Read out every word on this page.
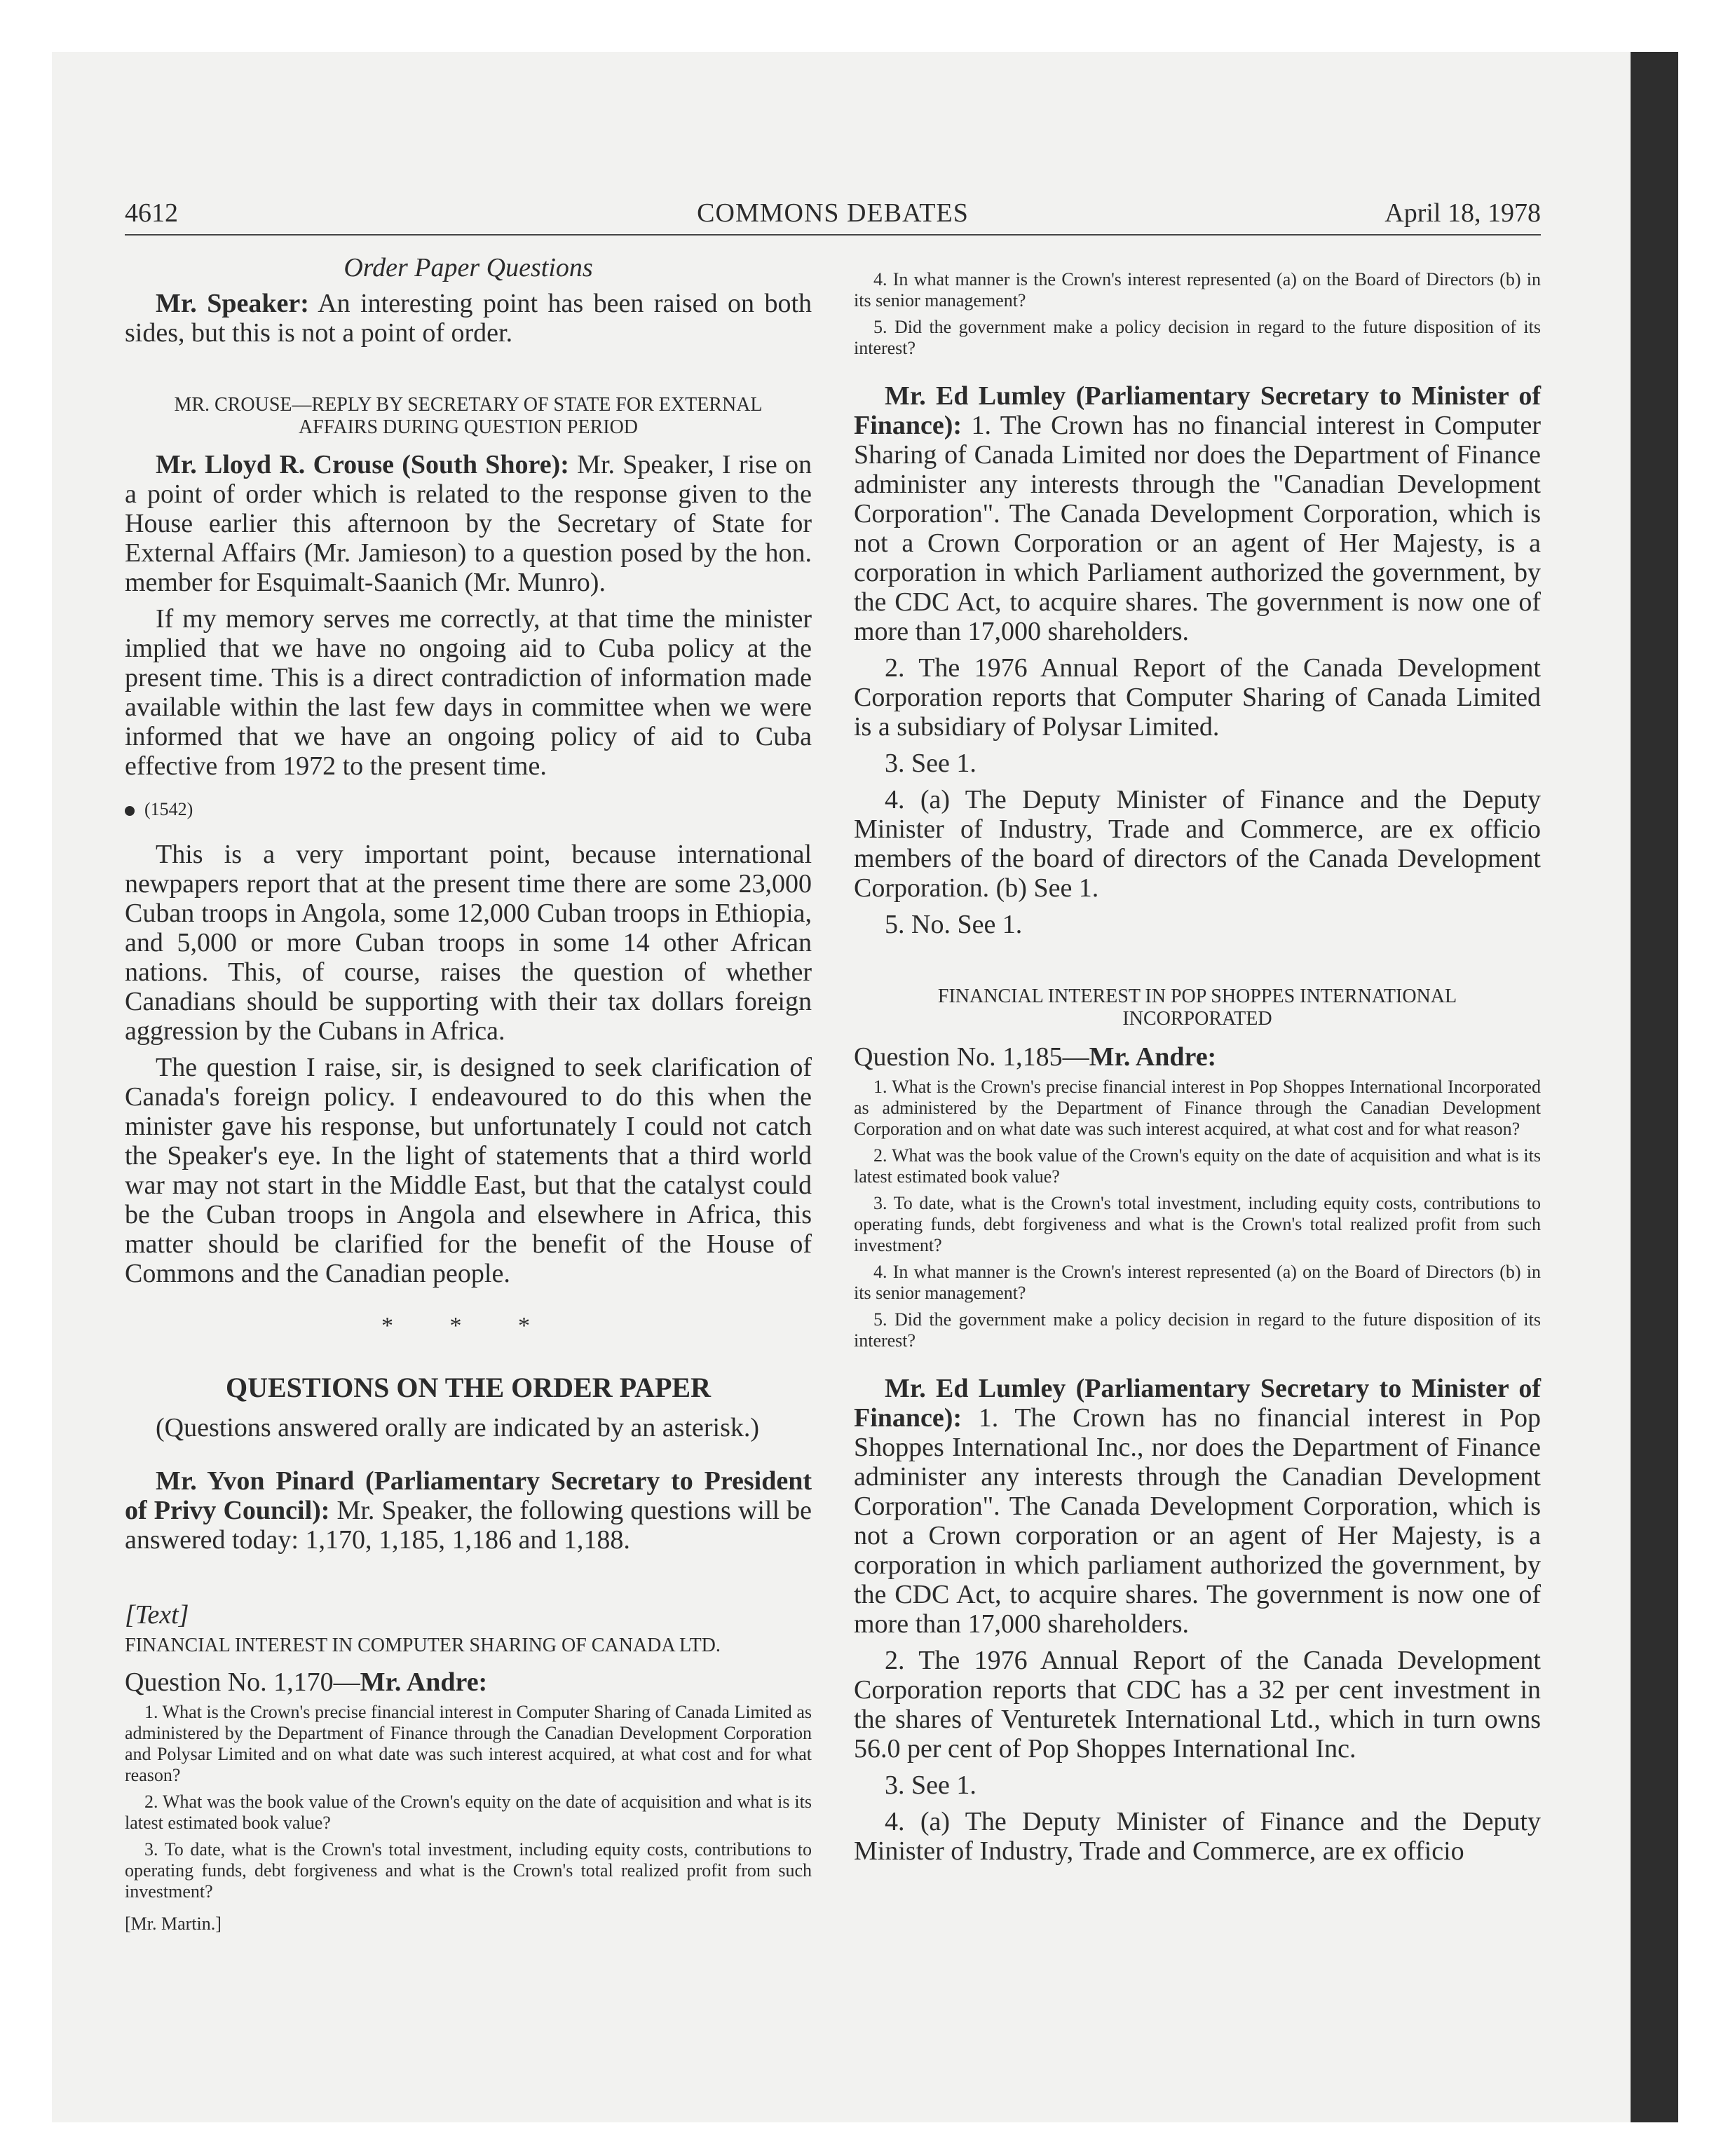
4612	COMMONS DEBATES	April 18, 1978

Order Paper Questions

Mr. Speaker: An interesting point has been raised on both sides, but this is not a point of order.

MR. CROUSE—REPLY BY SECRETARY OF STATE FOR EXTERNAL AFFAIRS DURING QUESTION PERIOD

Mr. Lloyd R. Crouse (South Shore): Mr. Speaker, I rise on a point of order which is related to the response given to the House earlier this afternoon by the Secretary of State for External Affairs (Mr. Jamieson) to a question posed by the hon. member for Esquimalt-Saanich (Mr. Munro).

If my memory serves me correctly, at that time the minister implied that we have no ongoing aid to Cuba policy at the present time. This is a direct contradiction of information made available within the last few days in committee when we were informed that we have an ongoing policy of aid to Cuba effective from 1972 to the present time.

(1542)

This is a very important point, because international newpapers report that at the present time there are some 23,000 Cuban troops in Angola, some 12,000 Cuban troops in Ethiopia, and 5,000 or more Cuban troops in some 14 other African nations. This, of course, raises the question of whether Canadians should be supporting with their tax dollars foreign aggression by the Cubans in Africa.

The question I raise, sir, is designed to seek clarification of Canada's foreign policy. I endeavoured to do this when the minister gave his response, but unfortunately I could not catch the Speaker's eye. In the light of statements that a third world war may not start in the Middle East, but that the catalyst could be the Cuban troops in Angola and elsewhere in Africa, this matter should be clarified for the benefit of the House of Commons and the Canadian people.

* * *

QUESTIONS ON THE ORDER PAPER

(Questions answered orally are indicated by an asterisk.)

Mr. Yvon Pinard (Parliamentary Secretary to President of Privy Council): Mr. Speaker, the following questions will be answered today: 1,170, 1,185, 1,186 and 1,188.

[Text]

FINANCIAL INTEREST IN COMPUTER SHARING OF CANADA LTD.

Question No. 1,170—Mr. Andre:

1. What is the Crown's precise financial interest in Computer Sharing of Canada Limited as administered by the Department of Finance through the Canadian Development Corporation and Polysar Limited and on what date was such interest acquired, at what cost and for what reason?

2. What was the book value of the Crown's equity on the date of acquisition and what is its latest estimated book value?

3. To date, what is the Crown's total investment, including equity costs, contributions to operating funds, debt forgiveness and what is the Crown's total realized profit from such investment?

[Mr. Martin.]

4. In what manner is the Crown's interest represented (a) on the Board of Directors (b) in its senior management?

5. Did the government make a policy decision in regard to the future disposition of its interest?

Mr. Ed Lumley (Parliamentary Secretary to Minister of Finance): 1. The Crown has no financial interest in Computer Sharing of Canada Limited nor does the Department of Finance administer any interests through the "Canadian Development Corporation". The Canada Development Corporation, which is not a Crown Corporation or an agent of Her Majesty, is a corporation in which Parliament authorized the government, by the CDC Act, to acquire shares. The government is now one of more than 17,000 shareholders.

2. The 1976 Annual Report of the Canada Development Corporation reports that Computer Sharing of Canada Limited is a subsidiary of Polysar Limited.

3. See 1.

4. (a) The Deputy Minister of Finance and the Deputy Minister of Industry, Trade and Commerce, are ex officio members of the board of directors of the Canada Development Corporation. (b) See 1.

5. No. See 1.

FINANCIAL INTEREST IN POP SHOPPES INTERNATIONAL INCORPORATED

Question No. 1,185—Mr. Andre:

1. What is the Crown's precise financial interest in Pop Shoppes International Incorporated as administered by the Department of Finance through the Canadian Development Corporation and on what date was such interest acquired, at what cost and for what reason?

2. What was the book value of the Crown's equity on the date of acquisition and what is its latest estimated book value?

3. To date, what is the Crown's total investment, including equity costs, contributions to operating funds, debt forgiveness and what is the Crown's total realized profit from such investment?

4. In what manner is the Crown's interest represented (a) on the Board of Directors (b) in its senior management?

5. Did the government make a policy decision in regard to the future disposition of its interest?

Mr. Ed Lumley (Parliamentary Secretary to Minister of Finance): 1. The Crown has no financial interest in Pop Shoppes International Inc., nor does the Department of Finance administer any interests through the Canadian Development Corporation". The Canada Development Corporation, which is not a Crown corporation or an agent of Her Majesty, is a corporation in which parliament authorized the government, by the CDC Act, to acquire shares. The government is now one of more than 17,000 shareholders.

2. The 1976 Annual Report of the Canada Development Corporation reports that CDC has a 32 per cent investment in the shares of Venturetek International Ltd., which in turn owns 56.0 per cent of Pop Shoppes International Inc.

3. See 1.

4. (a) The Deputy Minister of Finance and the Deputy Minister of Industry, Trade and Commerce, are ex officio
